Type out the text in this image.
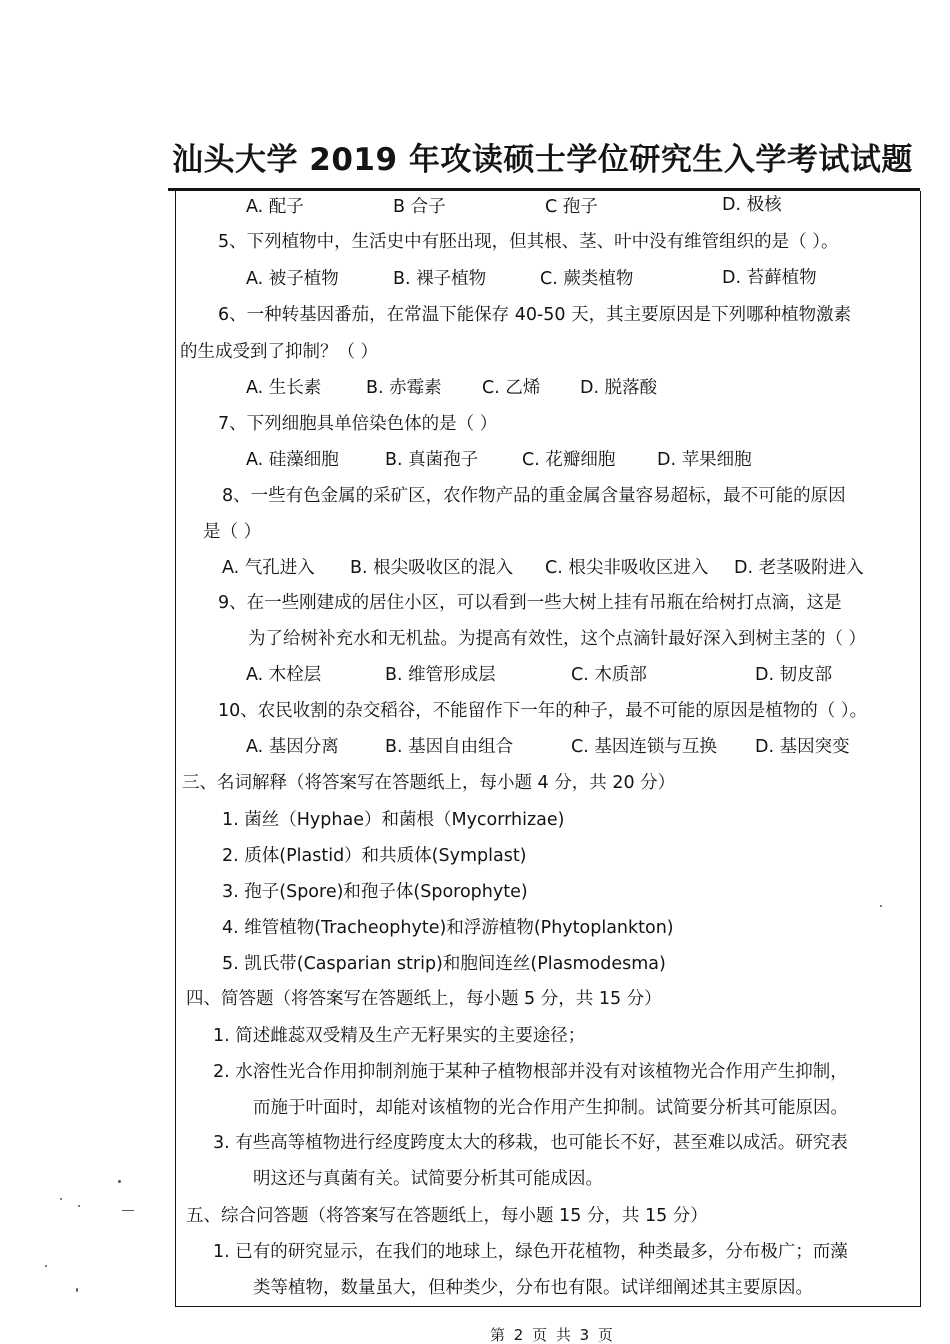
汕头大学 2019 年攻读硕士学位研究生入学考试试题
A. 配子	B 合子	C 孢子	D. 极核
5、下列植物中，生活史中有胚出现，但其根、茎、叶中没有维管组织的是（ ）。
A. 被子植物	B. 裸子植物	C. 蕨类植物	D. 苔藓植物
6、一种转基因番茄，在常温下能保存 40-50 天，其主要原因是下列哪种植物激素
的生成受到了抑制？（ ）
A. 生长素	B. 赤霉素 C. 乙烯 D. 脱落酸
7、下列细胞具单倍染色体的是（ ）
A. 硅藻细胞	B. 真菌孢子	C. 花瓣细胞 D. 苹果细胞
8、一些有色金属的采矿区，农作物产品的重金属含量容易超标，最不可能的原因
是（ ）
A. 气孔进入 B. 根尖吸收区的混入 C. 根尖非吸收区进入 D. 老茎吸附进入
9、在一些刚建成的居住小区，可以看到一些大树上挂有吊瓶在给树打点滴，这是
为了给树补充水和无机盐。为提高有效性，这个点滴针最好深入到树主茎的（ ）
A. 木栓层	B. 维管形成层	C. 木质部	D. 韧皮部
10、农民收割的杂交稻谷，不能留作下一年的种子，最不可能的原因是植物的（ ）。
A. 基因分离	B. 基因自由组合	C. 基因连锁与互换 D. 基因突变
三、名词解释（将答案写在答题纸上，每小题 4 分，共 20 分）
1. 菌丝（Hyphae）和菌根（Mycorrhizae)
2. 质体(Plastid）和共质体(Symplast)
3. 孢子(Spore)和孢子体(Sporophyte)
4. 维管植物(Tracheophyte)和浮游植物(Phytoplankton)
5. 凯氏带(Casparian strip)和胞间连丝(Plasmodesma)
四、简答题（将答案写在答题纸上，每小题 5 分，共 15 分）
1. 简述雌蕊双受精及生产无籽果实的主要途径；
2. 水溶性光合作用抑制剂施于某种子植物根部并没有对该植物光合作用产生抑制，
而施于叶面时，却能对该植物的光合作用产生抑制。试简要分析其可能原因。
3. 有些高等植物进行经度跨度太大的移栽，也可能长不好，甚至难以成活。研究表
明这还与真菌有关。试简要分析其可能成因。
五、综合问答题（将答案写在答题纸上，每小题 15 分，共 15 分）
1. 已有的研究显示，在我们的地球上，绿色开花植物，种类最多，分布极广；而藻
类等植物，数量虽大，但种类少，分布也有限。试详细阐述其主要原因。
第 2 页 共 3 页
